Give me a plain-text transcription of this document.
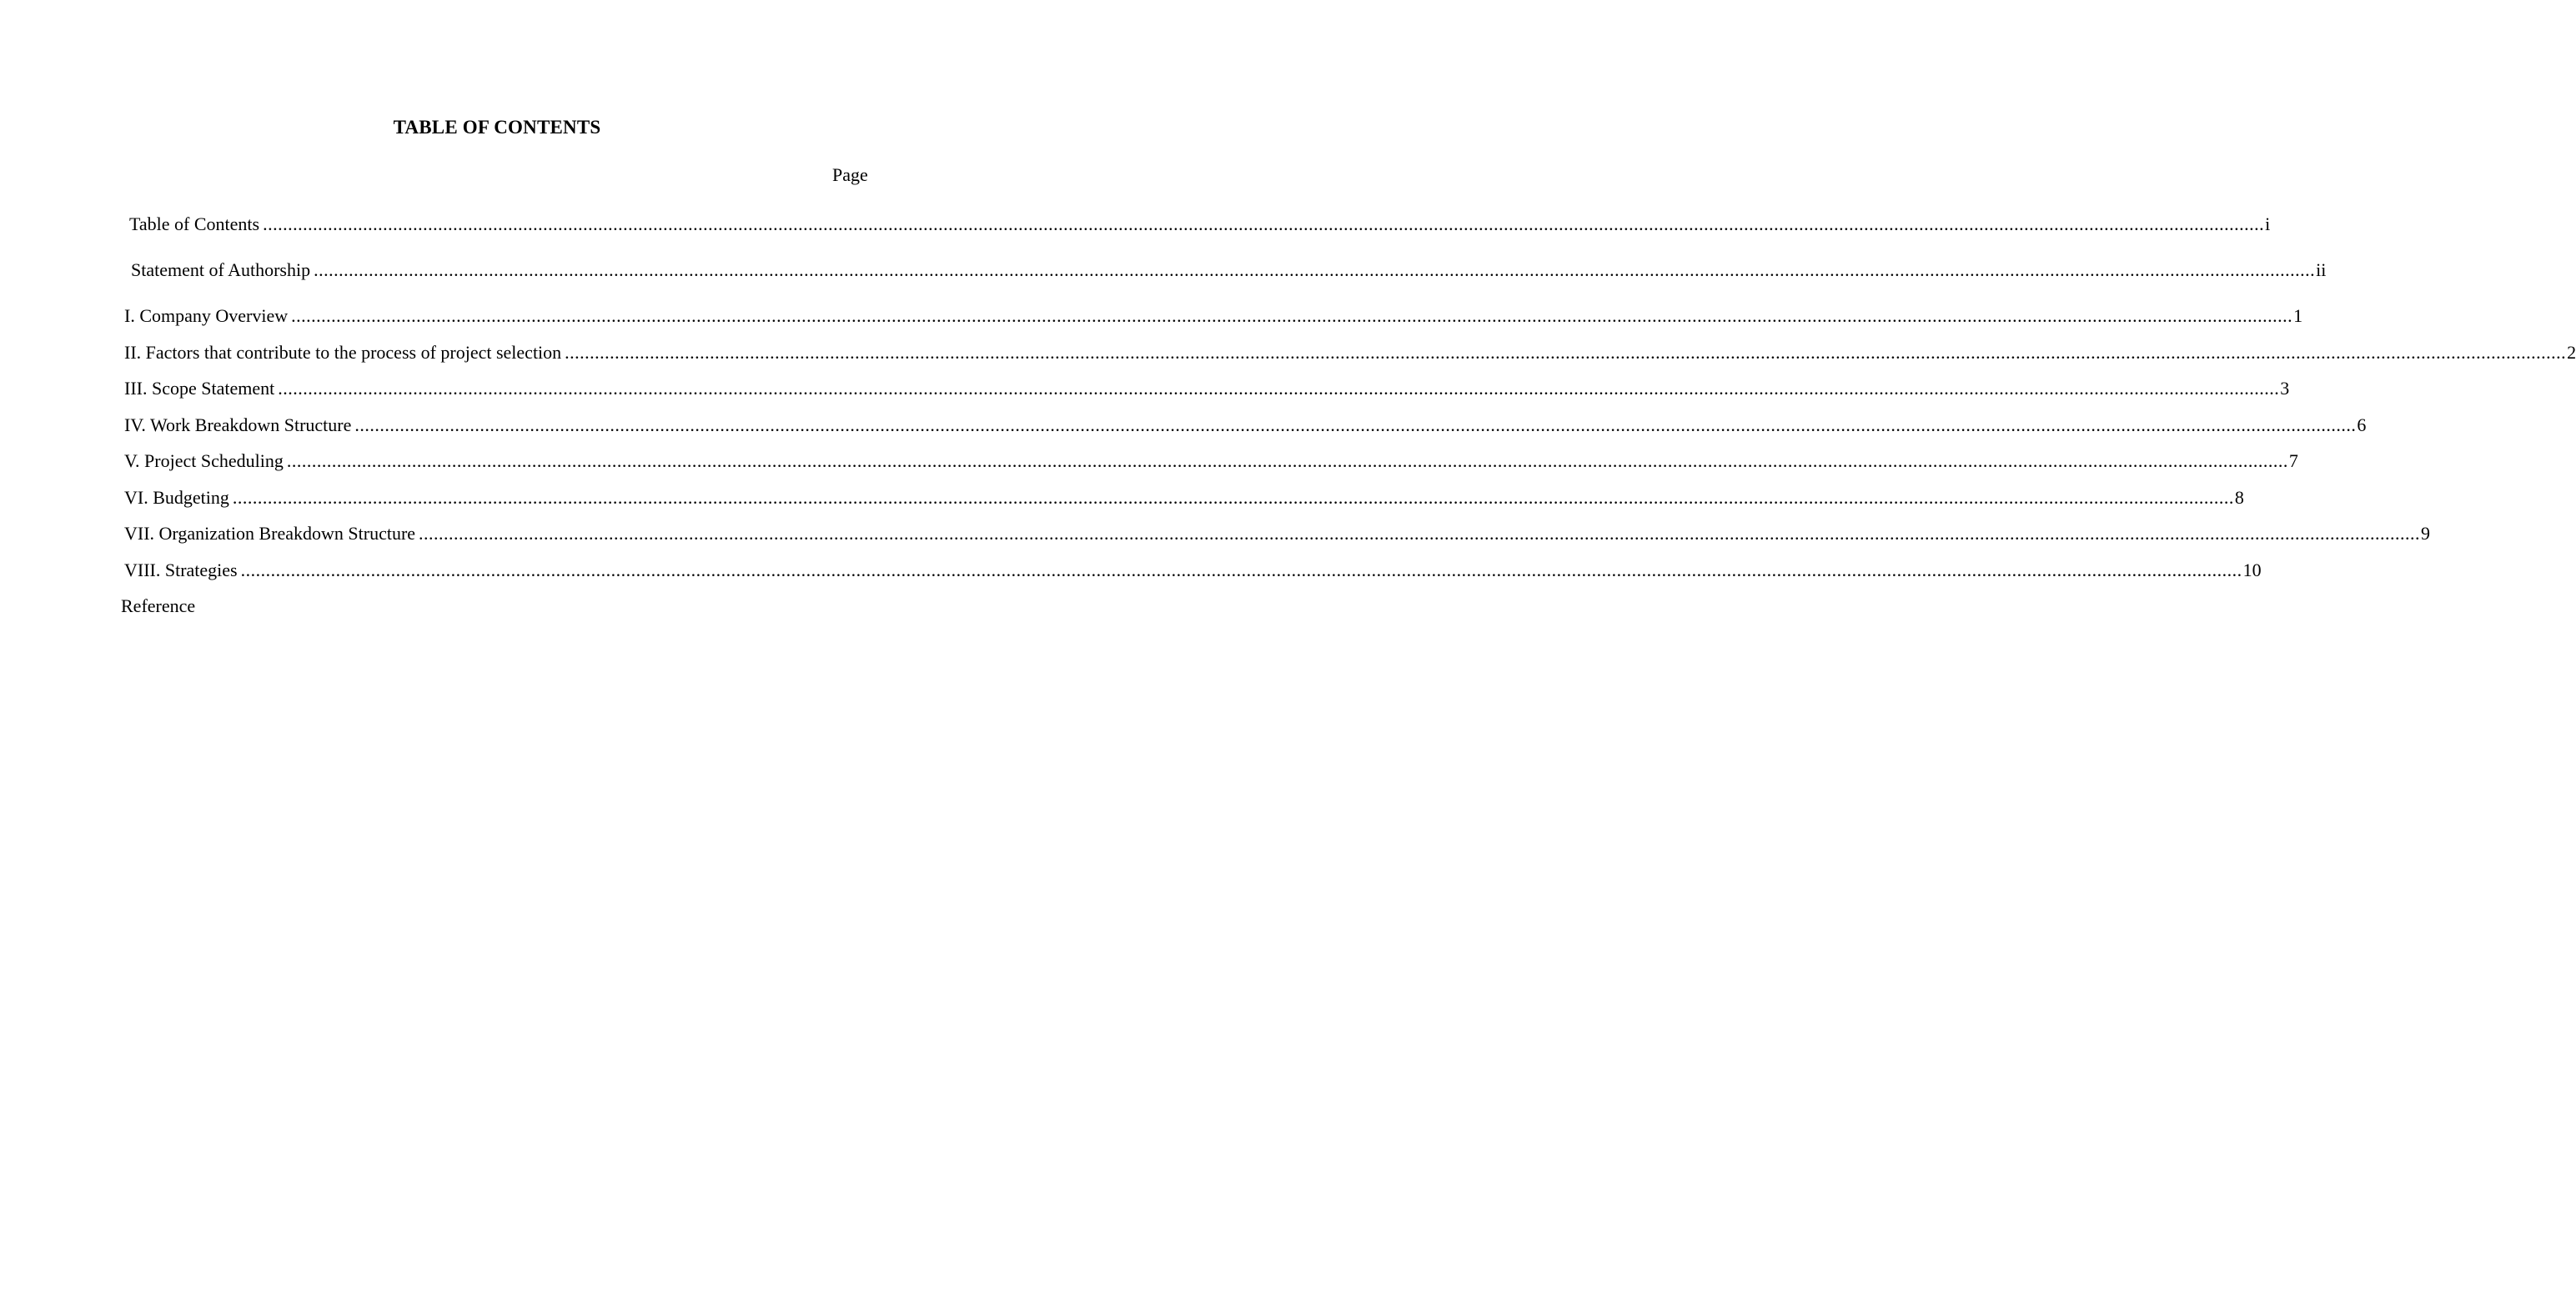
TABLE OF CONTENTS
Page
Table of Contents ................................................................................................................................................................................................................................................................................................................................................................................................................ i
Statement of Authorship ................................................................................................................................................................................................................................................................................................................................................................................................................ ii
I. Company Overview ................................................................................................................................................................................................................................................................................................................................................................................................................ 1
II. Factors that contribute to the process of project selection ................................................................................................................................................................................................................................................................................................................................................................................................................ 2
III. Scope Statement ................................................................................................................................................................................................................................................................................................................................................................................................................ 3
IV. Work Breakdown Structure ................................................................................................................................................................................................................................................................................................................................................................................................................ 6
V. Project Scheduling ................................................................................................................................................................................................................................................................................................................................................................................................................ 7
VI. Budgeting ................................................................................................................................................................................................................................................................................................................................................................................................................ 8
VII. Organization Breakdown Structure ................................................................................................................................................................................................................................................................................................................................................................................................................ 9
VIII. Strategies ................................................................................................................................................................................................................................................................................................................................................................................................................ 10
Reference
